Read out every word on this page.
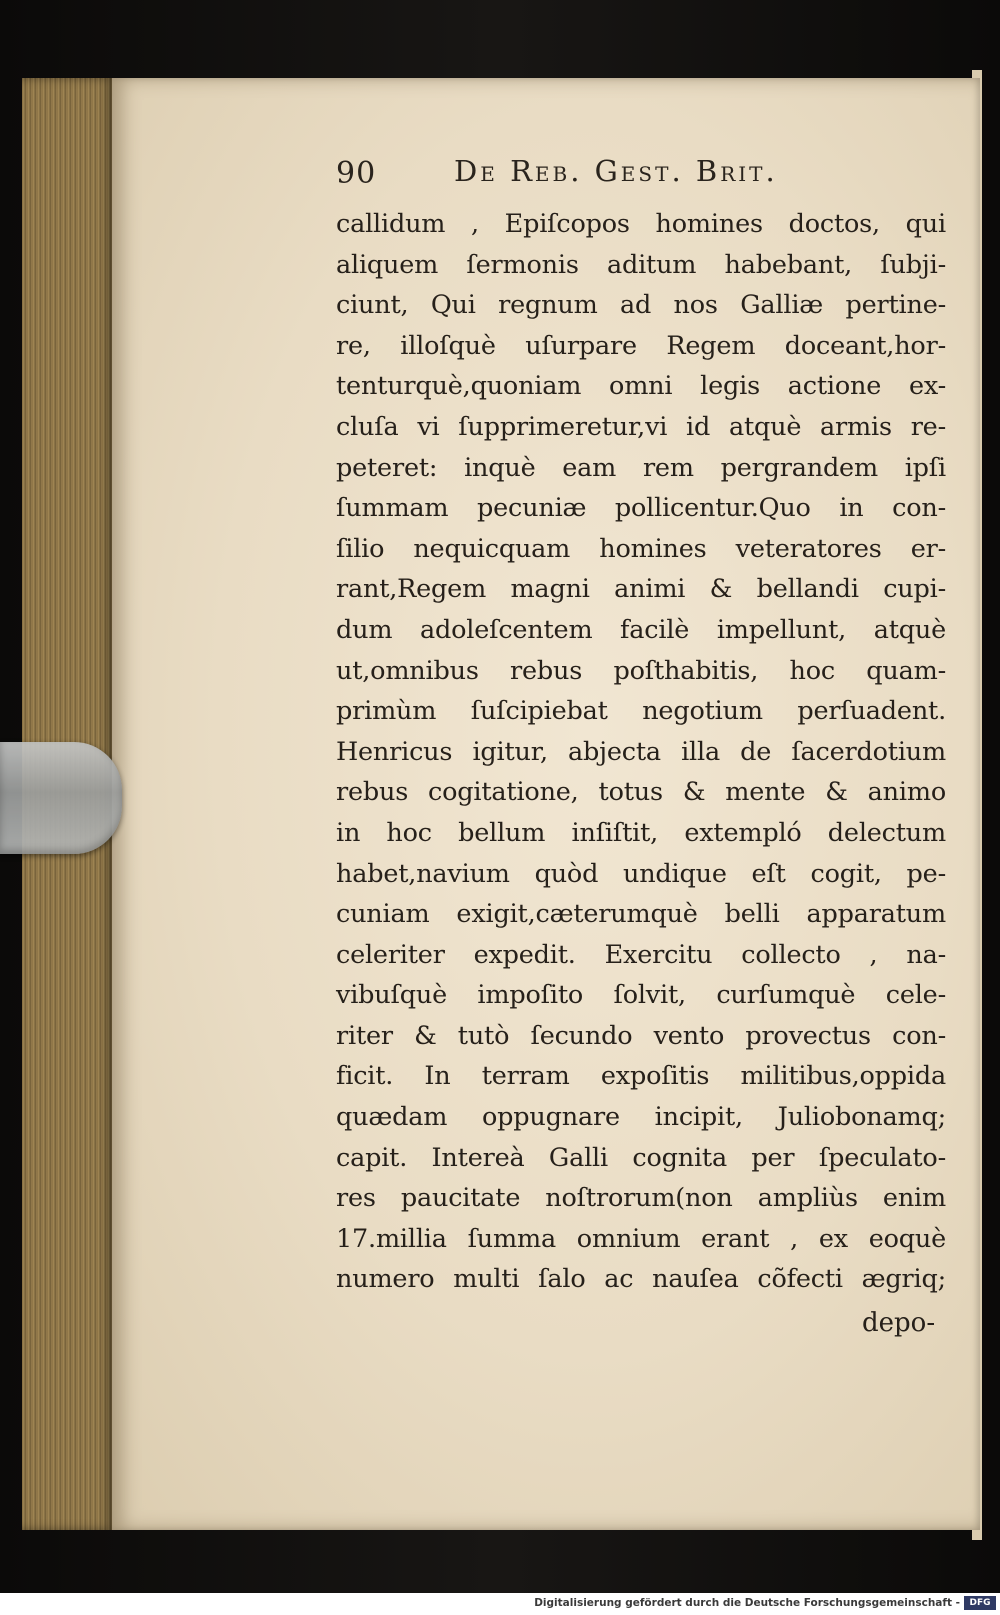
90	De Reb. Gest. Brit.
callidum , Epiſcopos homines doctos, qui
aliquem ſermonis aditum habebant, ſubji-
ciunt, Qui regnum ad nos Galliæ pertine-
re, illoſquè uſurpare Regem doceant,hor-
tenturquè,quoniam omni legis actione ex-
cluſa vi ſupprimeretur,vi id atquè armis re-
peteret: inquè eam rem pergrandem ipſi
ſummam pecuniæ pollicentur.Quo in con-
ſilio nequicquam homines veteratores er-
rant,Regem magni animi & bellandi cupi-
dum adoleſcentem facilè impellunt, atquè
ut,omnibus rebus poſthabitis, hoc quam-
primùm ſuſcipiebat negotium perſuadent.
Henricus igitur, abjecta illa de ſacerdotium
rebus cogitatione, totus & mente & animo
in hoc bellum inſiſtit, extempló delectum
habet,navium quòd undique eſt cogit, pe-
cuniam exigit,cæterumquè belli apparatum
celeriter expedit. Exercitu collecto , na-
vibuſquè impoſito ſolvit, curſumquè cele-
riter & tutò ſecundo vento provectus con-
ficit. In terram expoſitis militibus,oppida
quædam oppugnare incipit, Juliobonamq;
capit. Intereà Galli cognita per ſpeculato-
res paucitate noſtrorum(non ampliùs enim
17.millia ſumma omnium erant , ex eoquè
numero multi ſalo ac nauſea cõfecti ægriq;
depo-
Digitalisierung gefördert durch die Deutsche Forschungsgemeinschaft -	DFG
